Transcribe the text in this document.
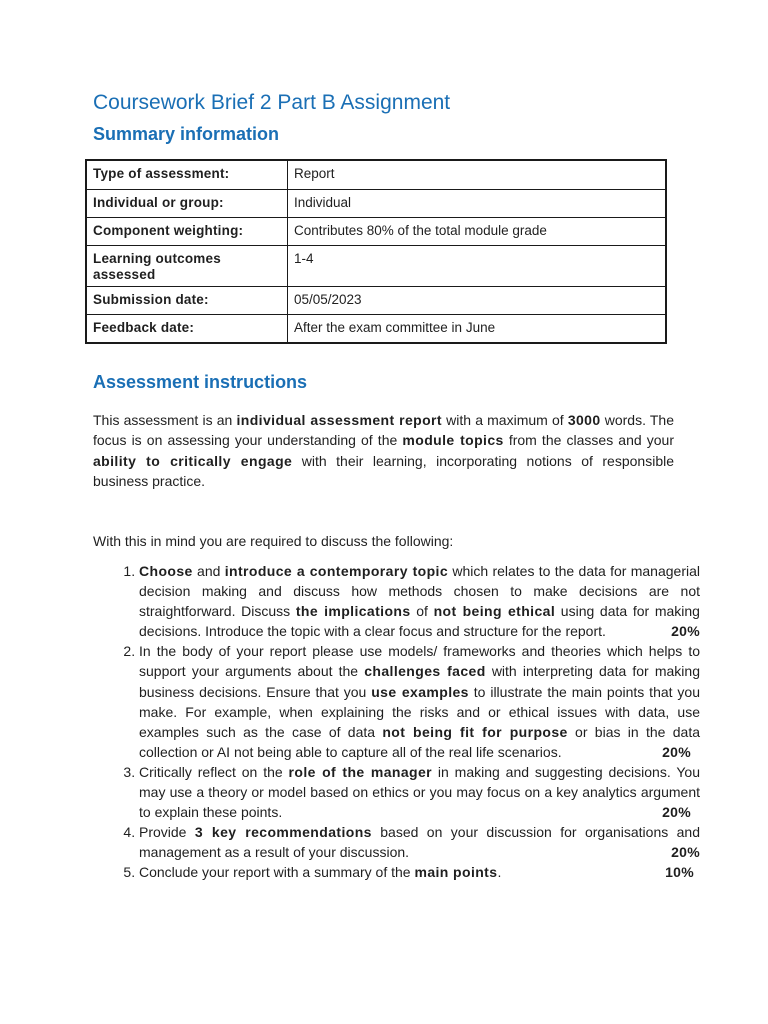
Coursework Brief 2 Part B Assignment
Summary information
Type of assessment:	Report
Individual or group:	Individual
Component weighting:	Contributes 80% of the total module grade
Learning outcomes assessed	1-4
Submission date:	05/05/2023
Feedback date:	After the exam committee in June
Assessment instructions

This assessment is an individual assessment report with a maximum of 3000 words. The focus is on assessing your understanding of the module topics from the classes and your ability to critically engage with their learning, incorporating notions of responsible business practice.

With this in mind you are required to discuss the following:

1. Choose and introduce a contemporary topic which relates to the data for managerial decision making and discuss how methods chosen to make decisions are not straightforward. Discuss the implications of not being ethical using data for making decisions. Introduce the topic with a clear focus and structure for the report.	20%
2. In the body of your report please use models/ frameworks and theories which helps to support your arguments about the challenges faced with interpreting data for making business decisions. Ensure that you use examples to illustrate the main points that you make. For example, when explaining the risks and or ethical issues with data, use examples such as the case of data not being fit for purpose or bias in the data collection or AI not being able to capture all of the real life scenarios.	20%
3. Critically reflect on the role of the manager in making and suggesting decisions. You may use a theory or model based on ethics or you may focus on a key analytics argument to explain these points.	20%
4. Provide 3 key recommendations based on your discussion for organisations and management as a result of your discussion.	20%
5. Conclude your report with a summary of the main points.	10%
